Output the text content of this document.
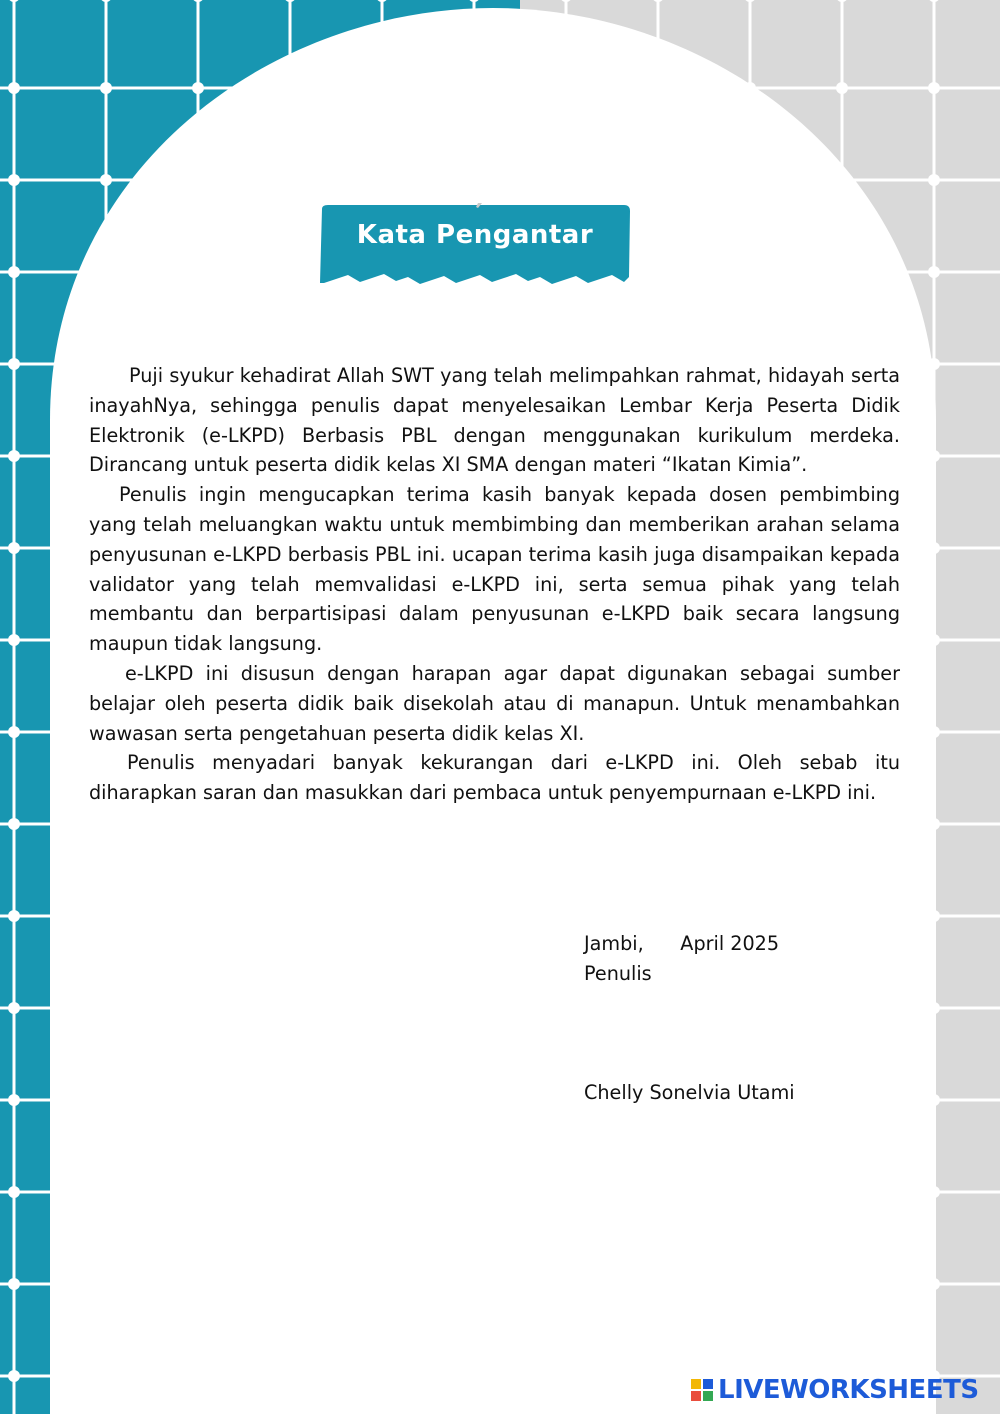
Kata Pengantar

Puji syukur kehadirat Allah SWT yang telah melimpahkan rahmat, hidayah serta inayahNya, sehingga penulis dapat menyelesaikan Lembar Kerja Peserta Didik Elektronik (e-LKPD) Berbasis PBL dengan menggunakan kurikulum merdeka. Dirancang untuk peserta didik kelas XI SMA dengan materi “Ikatan Kimia”.

Penulis ingin mengucapkan terima kasih banyak kepada dosen pembimbing yang telah meluangkan waktu untuk membimbing dan memberikan arahan selama penyusunan e-LKPD berbasis PBL ini. ucapan terima kasih juga disampaikan kepada validator yang telah memvalidasi e-LKPD ini, serta semua pihak yang telah membantu dan berpartisipasi dalam penyusunan e-LKPD baik secara langsung maupun tidak langsung.

e-LKPD ini disusun dengan harapan agar dapat digunakan sebagai sumber belajar oleh peserta didik baik disekolah atau di manapun. Untuk menambahkan wawasan serta pengetahuan peserta didik kelas XI.

Penulis menyadari banyak kekurangan dari e-LKPD ini. Oleh sebab itu diharapkan saran dan masukkan dari pembaca untuk penyempurnaan e-LKPD ini.

Jambi,      April 2025
Penulis
Chelly Sonelvia Utami
LIVEWORKSHEETS
